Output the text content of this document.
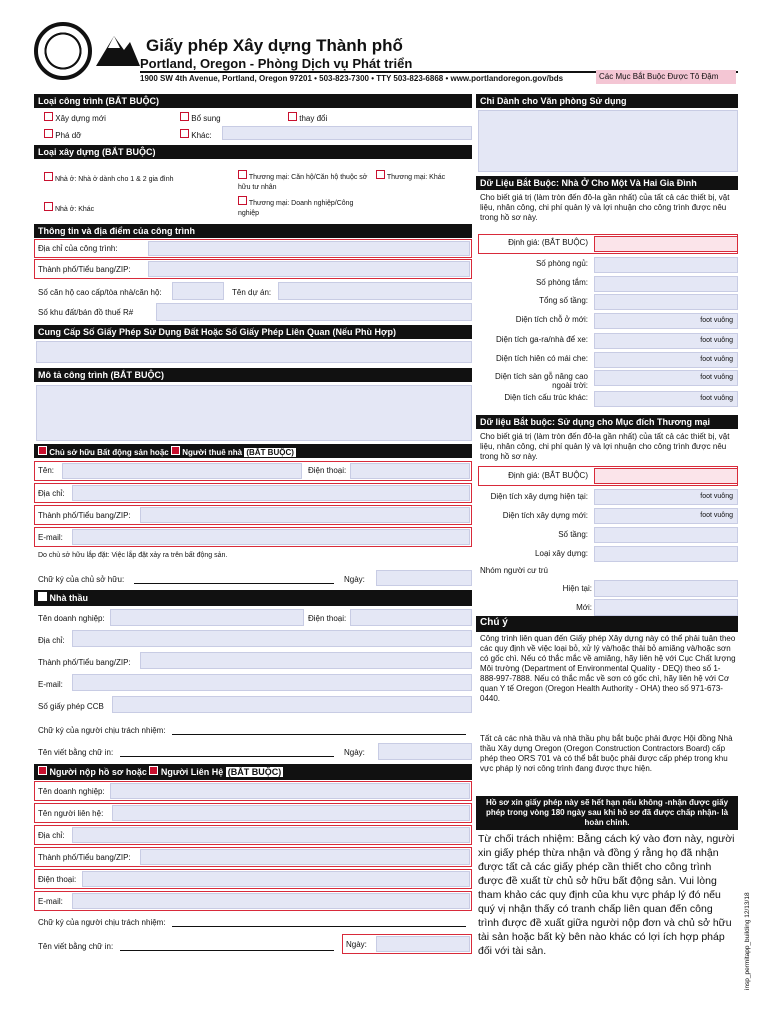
Giấy phép Xây dựng Thành phố
Portland, Oregon - Phòng Dịch vụ Phát triển
1900 SW 4th Avenue, Portland, Oregon 97201 • 503-823-7300 • TTY 503-823-6868 • www.portlandoregon.gov/bds	Các Mục Bắt Buộc Được Tô Đậm
Loại công trình (BẮT BUỘC)
Xây dựng mới	Bổ sung	thay đổi
Phá dỡ	Khác:
Loại xây dựng (BẮT BUỘC)
Nhà ở: Nhà ở dành cho 1 & 2 gia đình
Nhà ở: Khác
Thương mại: Căn hộ/Căn hộ thuộc sở hữu tư nhân
Thương mại: Doanh nghiệp/Công nghiệp
Thương mại: Khác
Thông tin và địa điểm của công trình
Địa chỉ của công trình:
Thành phố/Tiểu bang/ZIP:
Số căn hộ cao cấp/tòa nhà/căn hộ:	Tên dự án:
Số khu đất/bán đồ thuế R#
Cung Cấp Số Giấy Phép Sử Dụng Đất Hoặc Số Giấy Phép Liên Quan (Nếu Phù Hợp)
Mô tả công trình (BẮT BUỘC)
Chủ sở hữu Bất động sản hoặc Người thuê nhà (BẮT BUỘC)
Tên:	Điện thoại:
Địa chỉ:
Thành phố/Tiểu bang/ZIP:
E-mail:
Do chủ sở hữu lắp đặt: Việc lắp đặt xảy ra trên bất động sản.
Chữ ký của chủ sở hữu:	Ngày:
Nhà thầu
Tên doanh nghiệp:	Điện thoại:
Địa chỉ:
Thành phố/Tiểu bang/ZIP:
E-mail:
Số giấy phép CCB
Chữ ký của người chịu trách nhiệm:
Tên viết bằng chữ in:	Ngày:
Người nộp hồ sơ hoặc Người Liên Hệ (BẮT BUỘC)
Tên doanh nghiệp:
Tên người liên hệ:
Địa chỉ:
Thành phố/Tiểu bang/ZIP:
Điện thoại:
E-mail:
Chữ ký của người chịu trách nhiệm:
Tên viết bằng chữ in:	Ngày:
Chỉ Dành cho Văn phòng Sử dụng
Dữ Liệu Bắt Buộc: Nhà Ở Cho Một Và Hai Gia Đình
Cho biết giá trị (làm tròn đến đô-la gần nhất) của tất cả các thiết bị, vật liệu, nhân công, chi phí quản lý và lợi nhuận cho công trình được nêu trong hồ sơ này.
Định giá: (BẮT BUỘC)
Số phòng ngủ:
Số phòng tắm:
Tổng số tầng:
Diện tích chỗ ở mới:	foot vuông
Diện tích ga-ra/nhà để xe:	foot vuông
Diện tích hiên có mái che:	foot vuông
Diện tích sàn gỗ nâng cao ngoài trời:
foot vuông
Diện tích cấu trúc khác:	foot vuông
Dữ liệu Bắt buộc: Sử dụng cho Mục đích Thương mại
Cho biết giá trị (làm tròn đến đô-la gần nhất) của tất cả các thiết bị, vật liệu, nhân công, chi phí quản lý và lợi nhuận cho công trình được nêu trong hồ sơ này.
Định giá: (BẮT BUỘC)
Diện tích xây dựng hiện tại:	foot vuông
Diện tích xây dựng mới:	foot vuông
Số tầng:
Loại xây dựng:
Nhóm người cư trú
Hiện tại:
Mới:
Chú ý
Công trình liên quan đến Giấy phép Xây dựng này có thể phải tuân theo các quy định về việc loại bỏ, xử lý và/hoặc thải bỏ amiăng và/hoặc sơn có gốc chì. Nếu có thắc mắc về amiăng, hãy liên hệ với Cục Chất lượng Môi trường (Department of Environmental Quality - DEQ) theo số 1-888-997-7888. Nếu có thắc mắc về sơn có gốc chì, hãy liên hệ với Cơ quan Y tế Oregon (Oregon Health Authority - OHA) theo số 971-673-0440.
Tất cả các nhà thầu và nhà thầu phụ bắt buộc phải được Hội đồng Nhà thầu Xây dựng Oregon (Oregon Construction Contractors Board) cấp phép theo ORS 701 và có thể bắt buộc phải được cấp phép trong khu vực pháp lý nơi công trình đang được thực hiện.
Hồ sơ xin giấy phép này sẽ hết hạn nếu không -nhận được giấy phép trong vòng 180 ngày sau khi hồ sơ đã được chấp nhận- là hoàn chỉnh.
Từ chối trách nhiệm: Bằng cách ký vào đơn này, người xin giấy phép thừa nhận và đồng ý rằng họ đã nhận được tất cả các giấy phép cần thiết cho công trình được đề xuất từ chủ sở hữu bất động sản. Vui lòng tham khảo các quy định của khu vực pháp lý đó nếu quý vị nhận thấy có tranh chấp liên quan đến công trình được đề xuất giữa người nộp đơn và chủ sở hữu tài sản hoặc bất kỳ bên nào khác có lợi ích hợp pháp đối với tài sản.	insp_permitapp_building 12/13/18
